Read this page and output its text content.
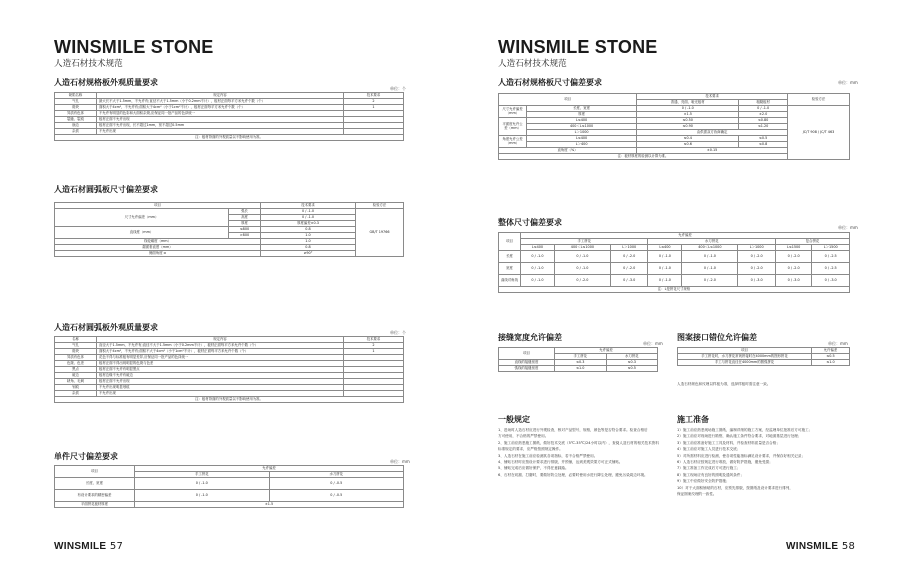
WINSMILE STONE
人造石材技术规范
人造石材规格板外观质量要求
单位：个
缺陷名称	规定内容	技术要求
气孔	最大长不大于1.5mm，不允许有;直径不大于1.5mm（小于0.2mm不计），板材正面每平方米允许个数（个）	2
斑块	面积大于4cm²，不允许有;面积大于4cm²（小于1cm²不计），板材正面每平方米允许个数（个）	1
异质有色体	不允许有明显的色彩和大面积杂斑,应保证同一批产品的色泽统一	
裂缝、裂痕	板材正面不允许出现	
崩边	板材正面不允许出现，长不超过1mm，宽不超过0.5mm	
杂质	不允许出现	
注：板材背面的外观质量以不影响使用为准。		
人造石材圆弧板尺寸偏差要求
项目		技术要求	检验方法
尺寸允许偏差（mm）	弧长	0 / -1.0	GB/T 19766
	高度	0 / -1.0	
	厚度	厚度偏差±0.3	
直线度（mm）	≤800	0.8	
	>800	1.0	
线轮廓度（mm）		1.0	
端面垂直度（mm）		0.8	
侧面角度 α		≥90°	
人造石材圆弧板外观质量要求
单位：个
名称	规定内容	技术要求
气孔	直径大于1.5mm，不允许有;直径不大于1.5mm（小于0.2mm不计），板材正面每平方米允许个数（个）	2
斑块	面积大于4cm²，不允许有;面积不大于4cm²（小于1cm²不计），板材正面每平方米允许个数（个）	1
异质有色体	花色不得与标准板有明显差异,应保证同一批产品的色泽统一	
色斑、色差	板材正面不得出现明显的色斑与色差	
黑点	板材正面不允许有明显黑点	
破边	板材边缘不允许有破边	
缺角、毛刺	板材正面不允许出现	
划痕	不允许出现明显划痕	
杂质	不允许出现	
注：板材背面的外观质量以不影响使用为准。		
单件尺寸偏差要求
单位：mm
项目	允许偏差	
	手工拼花	水刀拼花
长度、宽度	0 / -1.0	0 / -0.5
有设计要求的精密偏差	0 / -1.0	0 / -0.5
平面拼花板材厚度	±1.5	
WINSMILE 57
WINSMILE STONE
人造石材技术规范
人造石材规格板尺寸偏差要求	单位：mm
项目		技术要求		检验方法
		普通、亮面、哑光板材	粗糙板材	
尺寸允许偏差（mm）	长度、宽度	0 / -1.0	0 / -1.0	JC/T 908 / JC/T 463
	厚度	±1.5	±2.0	
平面度允许公差（mm）	L≤400	≤0.50	≤0.80	
	400＜L≤1000	≤0.90	≤1.20	
	L＞1000	由供需双方协商确定		
角度允许公差（mm）	L≤400	≤0.4	≤0.5	
	L＞400	≤0.6	≤0.8	
直角度（%）		±0.15		
注：板材厚度的检测以计算为准。				
整体尺寸偏差要求
单位：mm
项目	允许偏差							
	手工拼花			水刀拼花			复合拼花	
	L≤400	400＜L≤1000	L＞1000	L≤400	400＜L≤1000	L＞1000	L≤1500	L＞1500
长度	0 / -1.0	0 / -1.0	0 / -2.0	0 / -1.0	0 / -1.0	0 / -2.0	0 / -2.0	0 / -2.5
宽度	0 / -1.0	0 / -1.0	0 / -2.0	0 / -1.0	0 / -1.0	0 / -2.0	0 / -2.0	0 / -2.5
曲线对角线	0 / -1.0	0 / -2.0	0 / -3.0	0 / -1.0	0 / -2.0	0 / -3.0	0 / -3.0	0 / -3.0
注：L是拼花尺寸规格								
接缝宽度允许偏差
单位：mm
项目	允许偏差	
	手工拼花	水刀拼花
直线的接缝宽度	≤0.3	≤0.3
弧线的接缝宽度	≤1.0	≤0.5
图案接口错位允许偏差
单位：mm
项目	允许偏差
手工拼花时，水刀拼花常规拼接时在4000mm的图形拼花	≤0.5
手工与拼花直径在4000mm的圆弧拼花	≤1.0
人造石材颜色和纹理以样板为准，选择样板时需注意一致。
一般规定
1、进场时人造石材应进行外观检查，核对产品型号，规格，颜色等是否符合要求。检查合格后
方可使用，不合格的严禁使用。
2、施工前应熟悉施工图纸，做好技术交底（5℃-35℃/24小时以内），查阅人造石材的相关技术资料
标准规定的要求，应严格按照规定操作。
3、人造石材在施工前应检测其各项指标，若不合格严禁使用。
4、铺贴石材时应按设计要求进行排版，并预铺，达到美观效果方可正式铺贴。
5、铺贴完成后应做好保护，不得任意踩踏。
6、石材在切割、打磨时，要做好防尘处理，必要时使用水进行降尘处理，避免污染周边环境。
施工准备
1）施工前应熟悉现场施工图纸，编制详细的施工方案，经监理单位批准后方可施工；
2）施工前应对现场进行勘察，确认施工条件符合要求，对地面基层进行处理；
3）施工前应准备好施工工具及材料，并检查材料质量是否合格；
4）施工前应对施工人员进行技术交底；
5）对所需材料应进行检测，使各项性能指标满足设计要求，并保存好相关记录；
6）人造石材应按规定进行堆放，做好防护措施，避免受损；
7）施工准备工作完成后方可进行施工；
8）施工现场应有良好的照明及通风条件；
9）施工中应做好安全防护措施；
10）对于大面积铺贴的石材，应预先排版，按图纸及设计要求进行排列，
保证图案纹理的一致性。
WINSMILE 58
